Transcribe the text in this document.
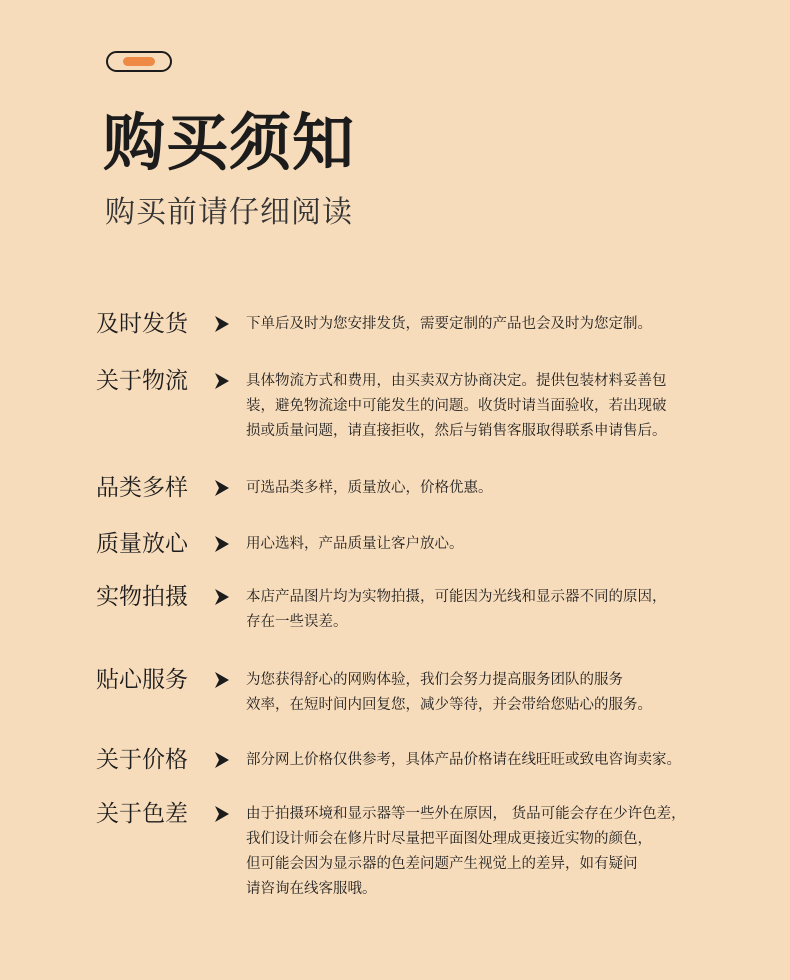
购买须知
购买前请仔细阅读
及时发货	下单后及时为您安排发货，需要定制的产品也会及时为您定制。
关于物流	具体物流方式和费用，由买卖双方协商决定。提供包装材料妥善包
装，避免物流途中可能发生的问题。收货时请当面验收，若出现破
损或质量问题，请直接拒收，然后与销售客服取得联系申请售后。
品类多样	可选品类多样，质量放心，价格优惠。
质量放心	用心选料，产品质量让客户放心。
实物拍摄	本店产品图片均为实物拍摄，可能因为光线和显示器不同的原因，
存在一些误差。
贴心服务	为您获得舒心的网购体验，我们会努力提高服务团队的服务
效率，在短时间内回复您，减少等待，并会带给您贴心的服务。
关于价格	部分网上价格仅供参考，具体产品价格请在线旺旺或致电咨询卖家。
关于色差	由于拍摄环境和显示器等一些外在原因， 货品可能会存在少许色差，
我们设计师会在修片时尽量把平面图处理成更接近实物的颜色，
但可能会因为显示器的色差问题产生视觉上的差异，如有疑问
请咨询在线客服哦。
